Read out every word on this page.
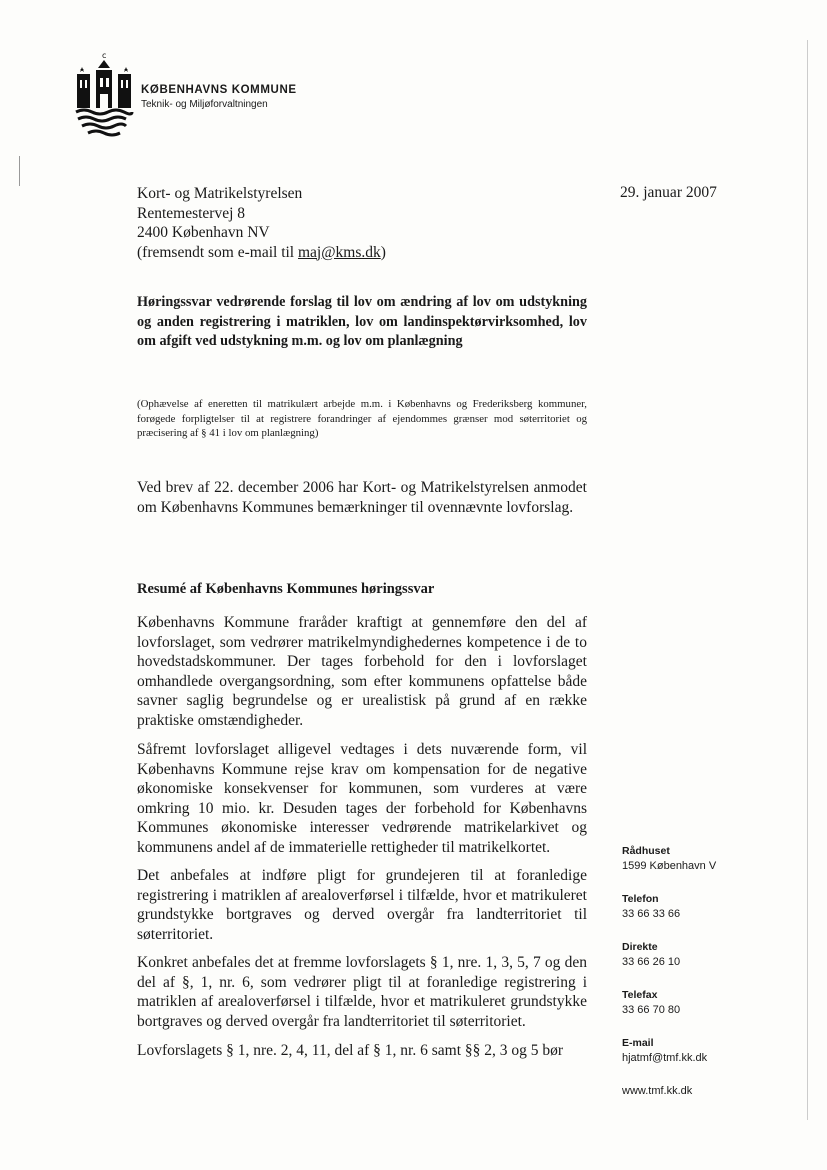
c
KØBENHAVNS KOMMUNE
Teknik- og Miljøforvaltningen
Kort- og Matrikelstyrelsen
Rentemestervej 8
2400 København NV
(fremsendt som e-mail til maj@kms.dk)
29. januar 2007
Høringssvar vedrørende forslag til lov om ændring af lov om udstykning og anden registrering i matriklen, lov om landinspektørvirksomhed, lov om afgift ved udstykning m.m. og lov om planlægning
(Ophævelse af eneretten til matrikulært arbejde m.m. i Københavns og Frederiksberg kommuner, forøgede forpligtelser til at registrere forandringer af ejendommes grænser mod søterritoriet og præcisering af § 41 i lov om planlægning)
Ved brev af 22. december 2006 har Kort- og Matrikelstyrelsen anmodet om Københavns Kommunes bemærkninger til ovennævnte lovforslag.
Resumé af Københavns Kommunes høringssvar
Københavns Kommune fraråder kraftigt at gennemføre den del af lovforslaget, som vedrører matrikelmyndighedernes kompetence i de to hovedstadskommuner. Der tages forbehold for den i lovforslaget omhandlede overgangsordning, som efter kommunens opfattelse både savner saglig begrundelse og er urealistisk på grund af en række praktiske omstændigheder.
Såfremt lovforslaget alligevel vedtages i dets nuværende form, vil Københavns Kommune rejse krav om kompensation for de negative økonomiske konsekvenser for kommunen, som vurderes at være omkring 10 mio. kr. Desuden tages der forbehold for Københavns Kommunes økonomiske interesser vedrørende matrikelarkivet og kommunens andel af de immaterielle rettigheder til matrikelkortet.
Det anbefales at indføre pligt for grundejeren til at foranledige registrering i matriklen af arealoverførsel i tilfælde, hvor et matrikuleret grundstykke bortgraves og derved overgår fra landterritoriet til søterritoriet.
Konkret anbefales det at fremme lovforslagets § 1, nre. 1, 3, 5, 7 og den del af §, 1, nr. 6, som vedrører pligt til at foranledige registrering i matriklen af arealoverførsel i tilfælde, hvor et matrikuleret grundstykke bortgraves og derved overgår fra landterritoriet til søterritoriet.
Lovforslagets § 1, nre. 2, 4, 11, del af § 1, nr. 6 samt §§ 2, 3 og 5 bør
Rådhuset
1599 København V
Telefon
33 66 33 66
Direkte
33 66 26 10
Telefax
33 66 70 80
E-mail
hjatmf@tmf.kk.dk
www.tmf.kk.dk
